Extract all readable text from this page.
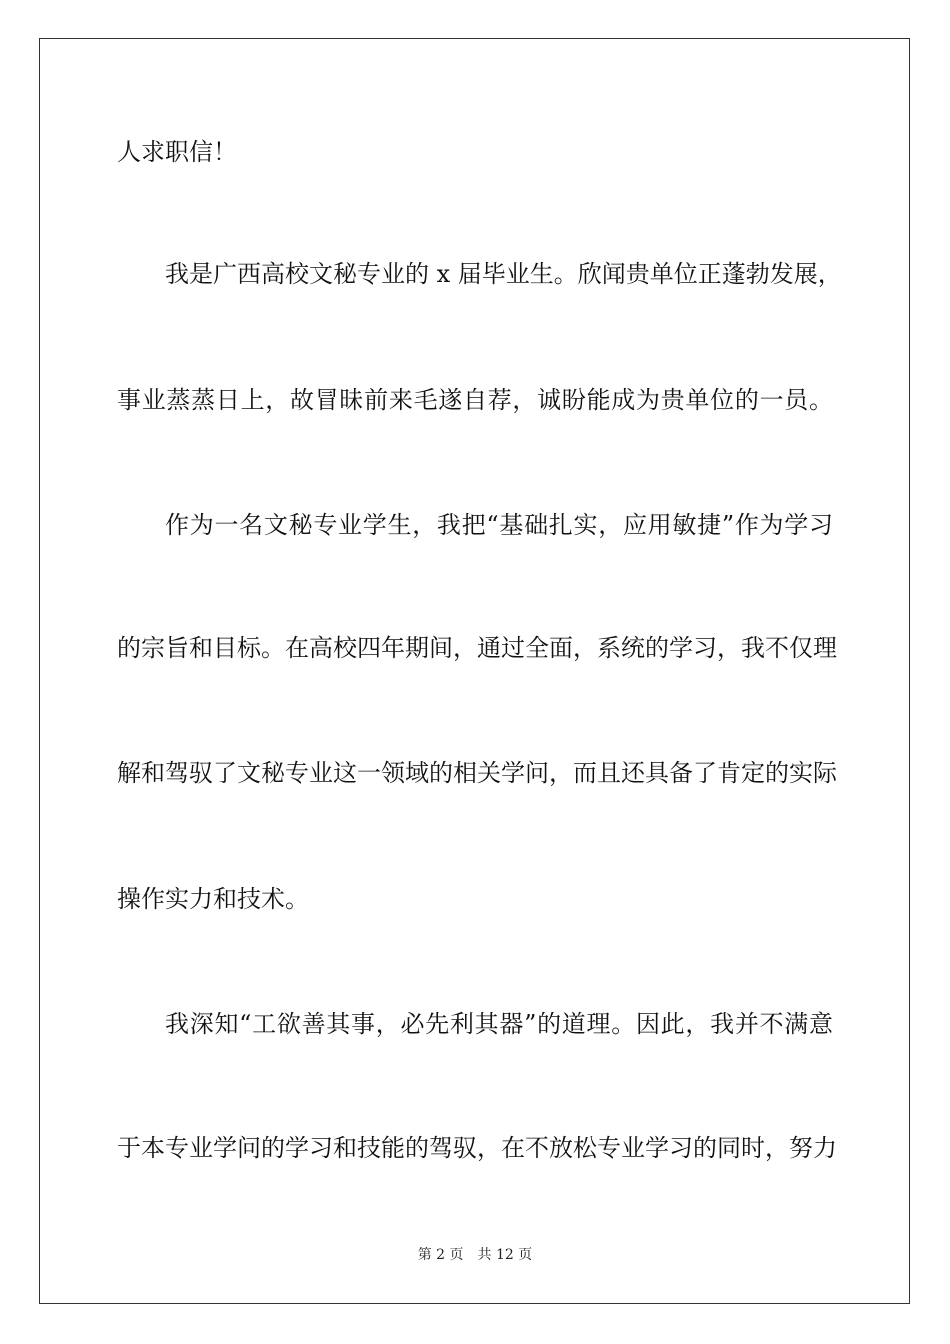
人求职信！
我是广西高校文秘专业的 x 届毕业生。欣闻贵单位正蓬勃发展，
事业蒸蒸日上，故冒昧前来毛遂自荐，诚盼能成为贵单位的一员。
作为一名文秘专业学生，我把“基础扎实，应用敏捷”作为学习
的宗旨和目标。在高校四年期间，通过全面，系统的学习，我不仅理
解和驾驭了文秘专业这一领域的相关学问，而且还具备了肯定的实际
操作实力和技术。
我深知“工欲善其事，必先利其器”的道理。因此，我并不满意
于本专业学问的学习和技能的驾驭，在不放松专业学习的同时，努力
第 2 页 共 12 页
